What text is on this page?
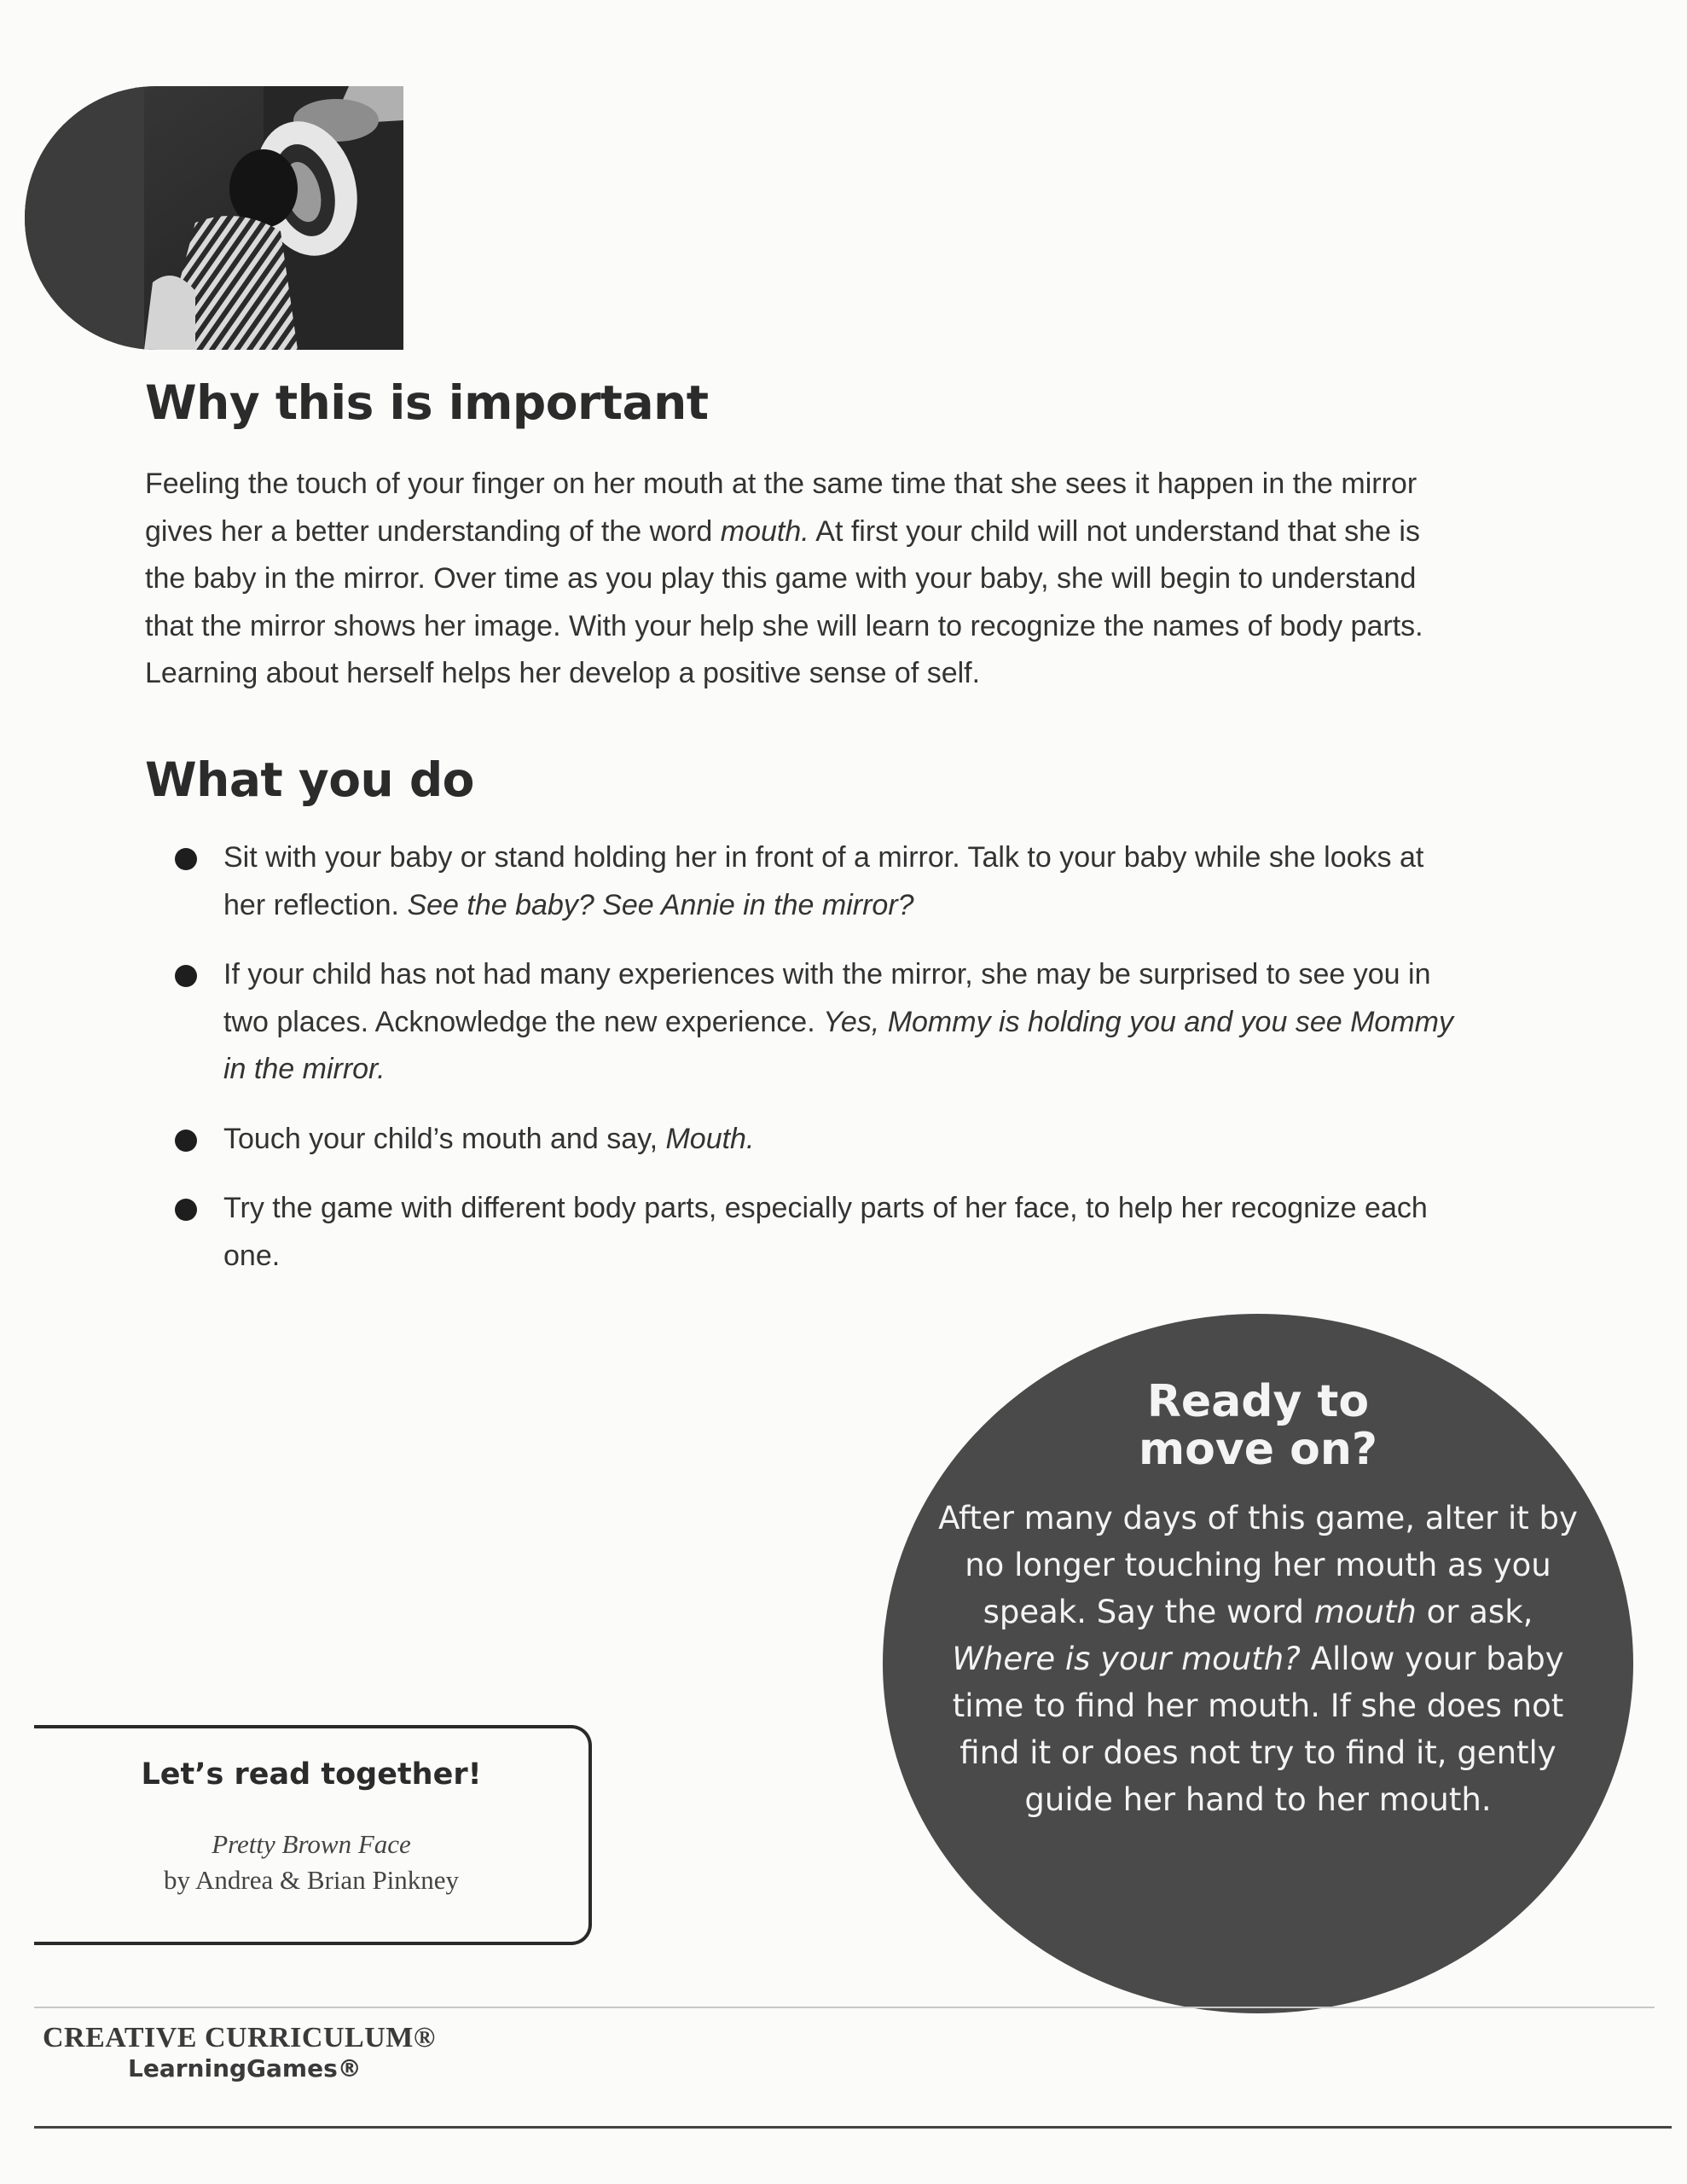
Why this is important

Feeling the touch of your finger on her mouth at the same time that she sees it happen in the mirror gives her a better understanding of the word mouth. At first your child will not understand that she is the baby in the mirror. Over time as you play this game with your baby, she will begin to understand that the mirror shows her image. With your help she will learn to recognize the names of body parts. Learning about herself helps her develop a positive sense of self.

What you do
Sit with your baby or stand holding her in front of a mirror. Talk to your baby while she looks at her reflection. See the baby? See Annie in the mirror?
If your child has not had many experiences with the mirror, she may be surprised to see you in two places. Acknowledge the new experience. Yes, Mommy is holding you and you see Mommy in the mirror.
Touch your child’s mouth and say, Mouth.
Try the game with different body parts, especially parts of her face, to help her recognize each one.
Ready to
move on?

After many days of this game, alter it by no longer touching her mouth as you speak. Say the word mouth or ask, Where is your mouth? Allow your baby time to find her mouth. If she does not find it or does not try to find it, gently guide her hand to her mouth.

Let’s read together!

Pretty Brown Face

by Andrea & Brian Pinkney

CREATIVE CURRICULUM®

LearningGames®
